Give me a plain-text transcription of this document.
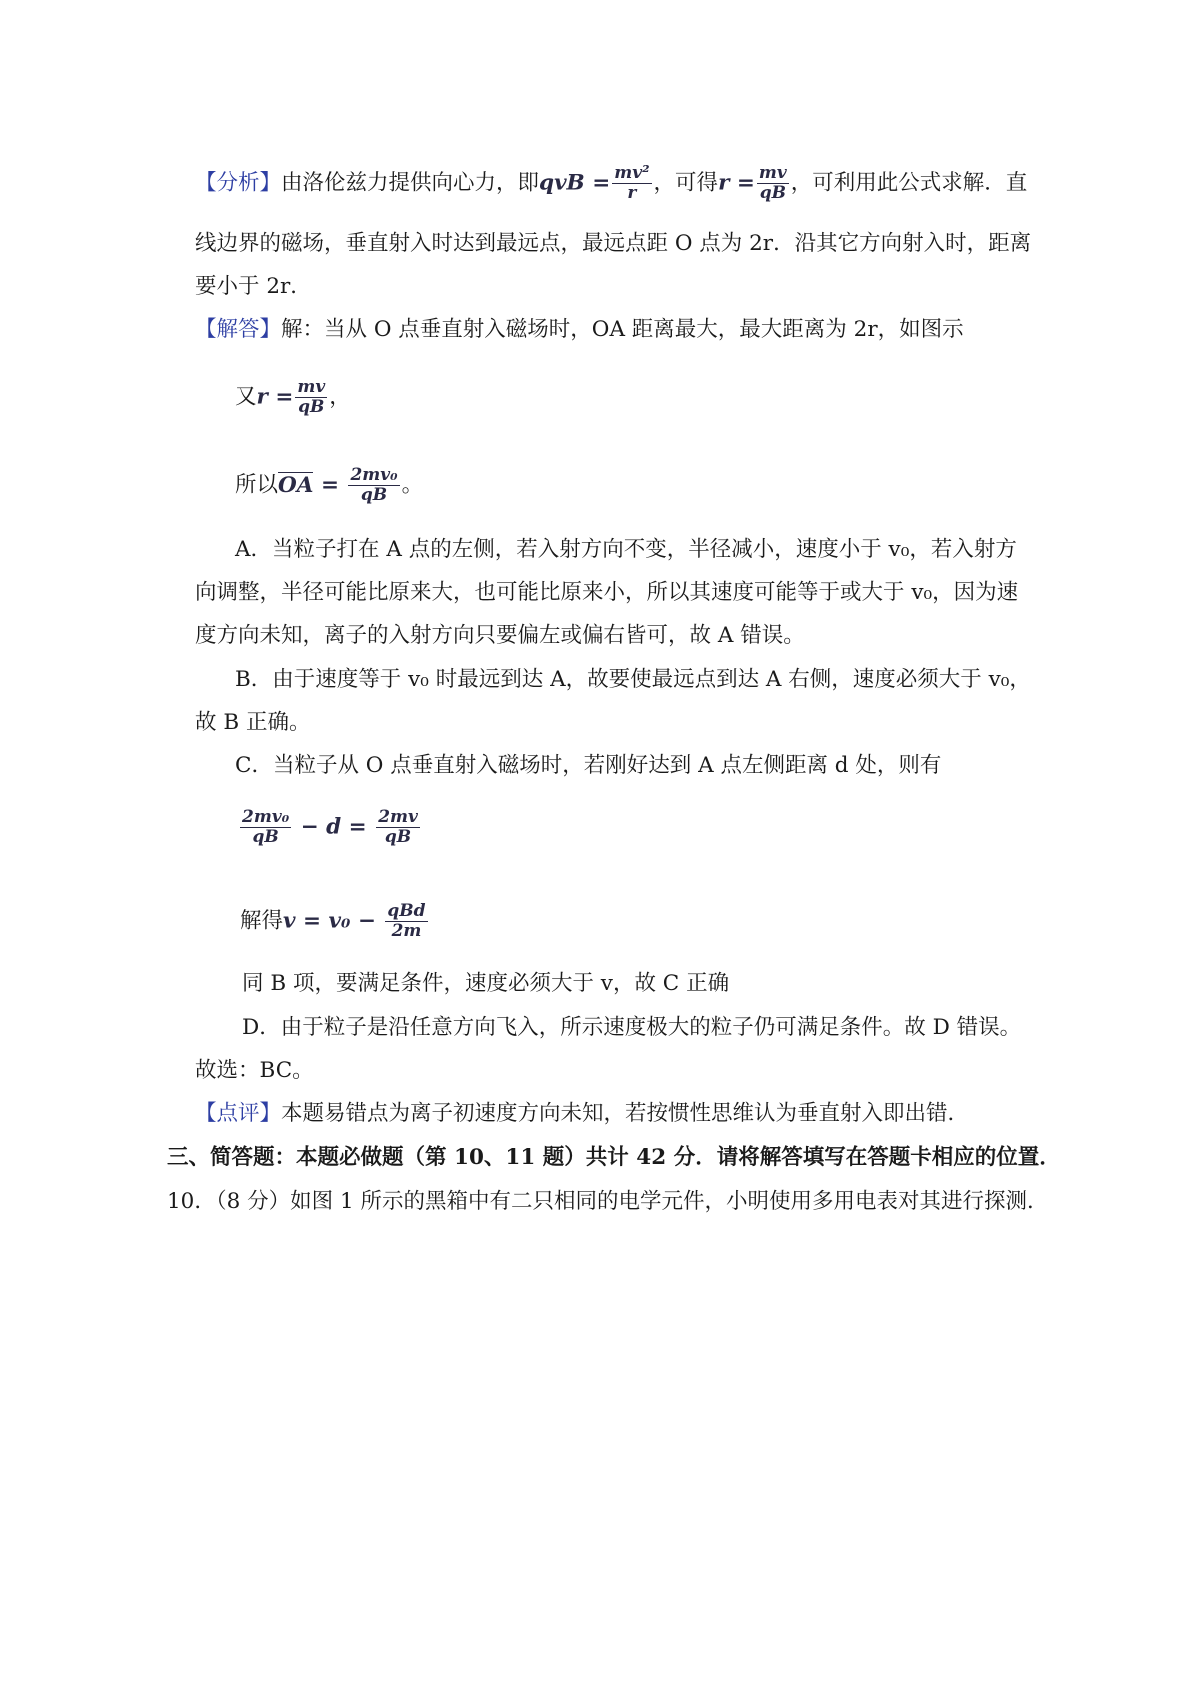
【分析】由洛伦兹力提供向心力，即qvB = $\frac{\text{mv²}}{r}$ ，可得$r = \frac{mv}{qB}$ ，可利用此公式求解．直
线边界的磁场，垂直射入时达到最远点，最远点距 O 点为 2r．沿其它方向射入时，距离
要小于 2r．
【解答】解：当从 O 点垂直射入磁场时，OA 距离最大，最大距离为 2r，如图示
又$r = \frac{mv}{qB}$ ，
所以OA = $\frac{\text{2mv₀}}{qB}$ 。
A．当粒子打在 A 点的左侧，若入射方向不变，半径减小，速度小于 v₀，若入射方
向调整，半径可能比原来大，也可能比原来小，所以其速度可能等于或大于 v₀，因为速
度方向未知，离子的入射方向只要偏左或偏右皆可，故 A 错误。
B．由于速度等于 v₀ 时最远到达 A，故要使最远点到达 A 右侧，速度必须大于 v₀，
故 B 正确。
C．当粒子从 O 点垂直射入磁场时，若刚好达到 A 点左侧距离 d 处，则有
$\frac{\text{2mv₀}}{qB} - d = \frac{2mv}{qB}$
解得$v = v_0 - \frac{\text{qBd}}{2m}$
同 B 项，要满足条件，速度必须大于 v，故 C 正确
D．由于粒子是沿任意方向飞入，所示速度极大的粒子仍可满足条件。故 D 错误。
故选：BC。
【点评】本题易错点为离子初速度方向未知，若按惯性思维认为垂直射入即出错．
三、简答题：本题必做题（第 10、11 题）共计 42 分．请将解答填写在答题卡相应的位置．
10．（8 分）如图 1 所示的黑箱中有二只相同的电学元件，小明使用多用电表对其进行探测．
